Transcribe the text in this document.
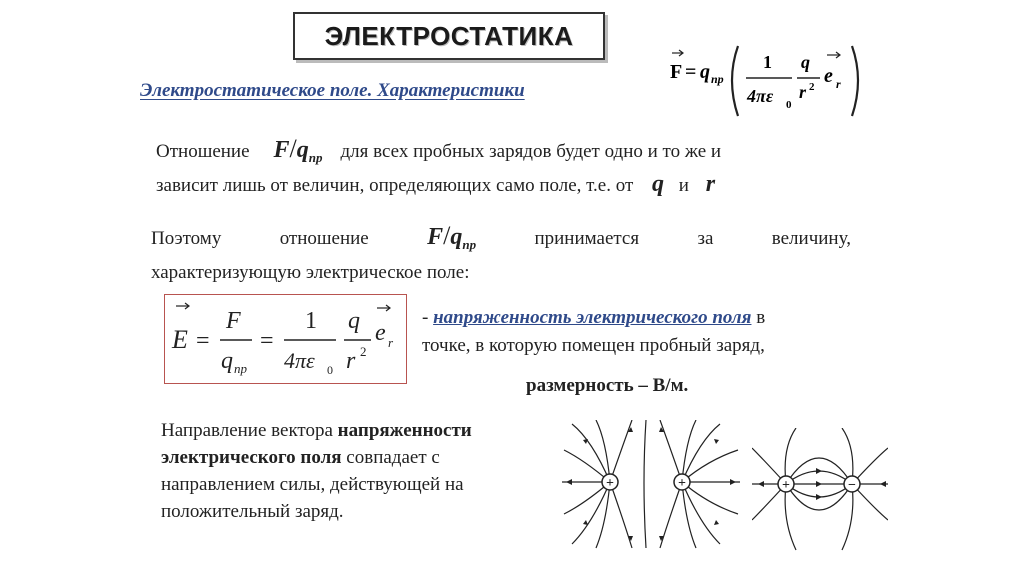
ЭЛЕКТРОСТАТИКА
Электростатическое поле. Характеристики
F = q пр
1
4πε 0
q
r 2 e r
Отношение $F/q_{пр}$ для всех пробных зарядов будет одно и то же и
зависит лишь от величин, определяющих само поле, т.е. от q и r
Поэтому	отношение $F/q_{пр}$	принимается	за	величину,
характеризующую электрическое поле:
E =
F
q пр
=
1
4πε 0
q
r 2
e r
- напряженность электрического поля в
точке, в которую помещен пробный заряд,
размерность – В/м.
Направление вектора напряженности
электрического поля совпадает с
направлением силы, действующей на
положительный заряд.
+	+	+	−
